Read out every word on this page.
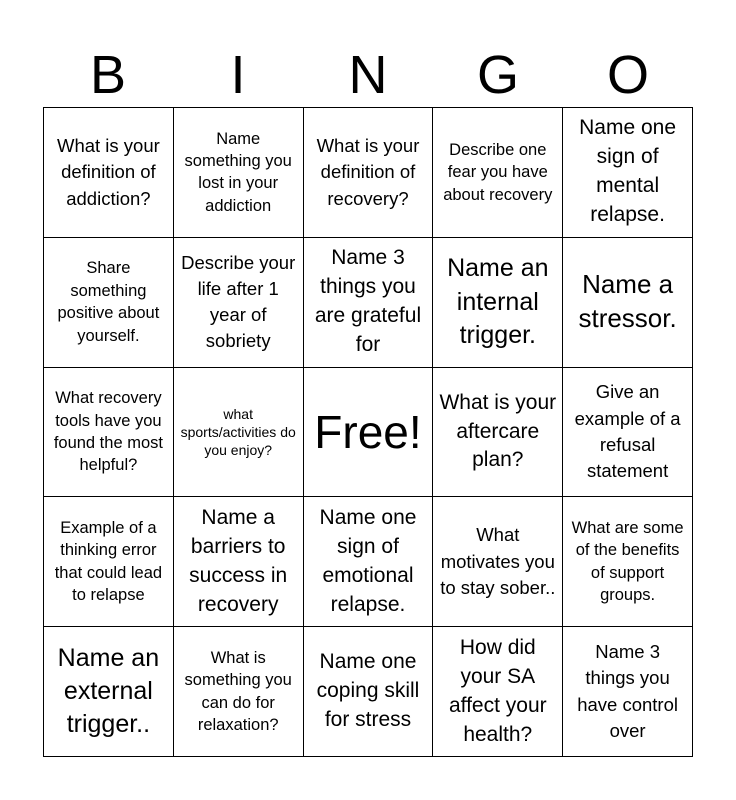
B	I	N	G	O
What is your definition of addiction?
Name something you lost in your addiction
What is your definition of recovery?
Describe one fear you have about recovery
Name one sign of mental relapse.
Share something positive about yourself.
Describe your life after 1 year of sobriety
Name 3 things you are grateful for
Name an internal trigger.
Name a stressor.
What recovery tools have you found the most helpful?
what sports/activities do you enjoy? Free!
What is your aftercare plan?
Give an example of a refusal statement
Example of a thinking error that could lead to relapse
Name a barriers to success in recovery
Name one sign of emotional relapse.
What motivates you to stay sober..
What are some of the benefits of support groups.
Name an external trigger..
What is something you can do for relaxation?
Name one coping skill for stress
How did your SA affect your health?
Name 3 things you have control over
